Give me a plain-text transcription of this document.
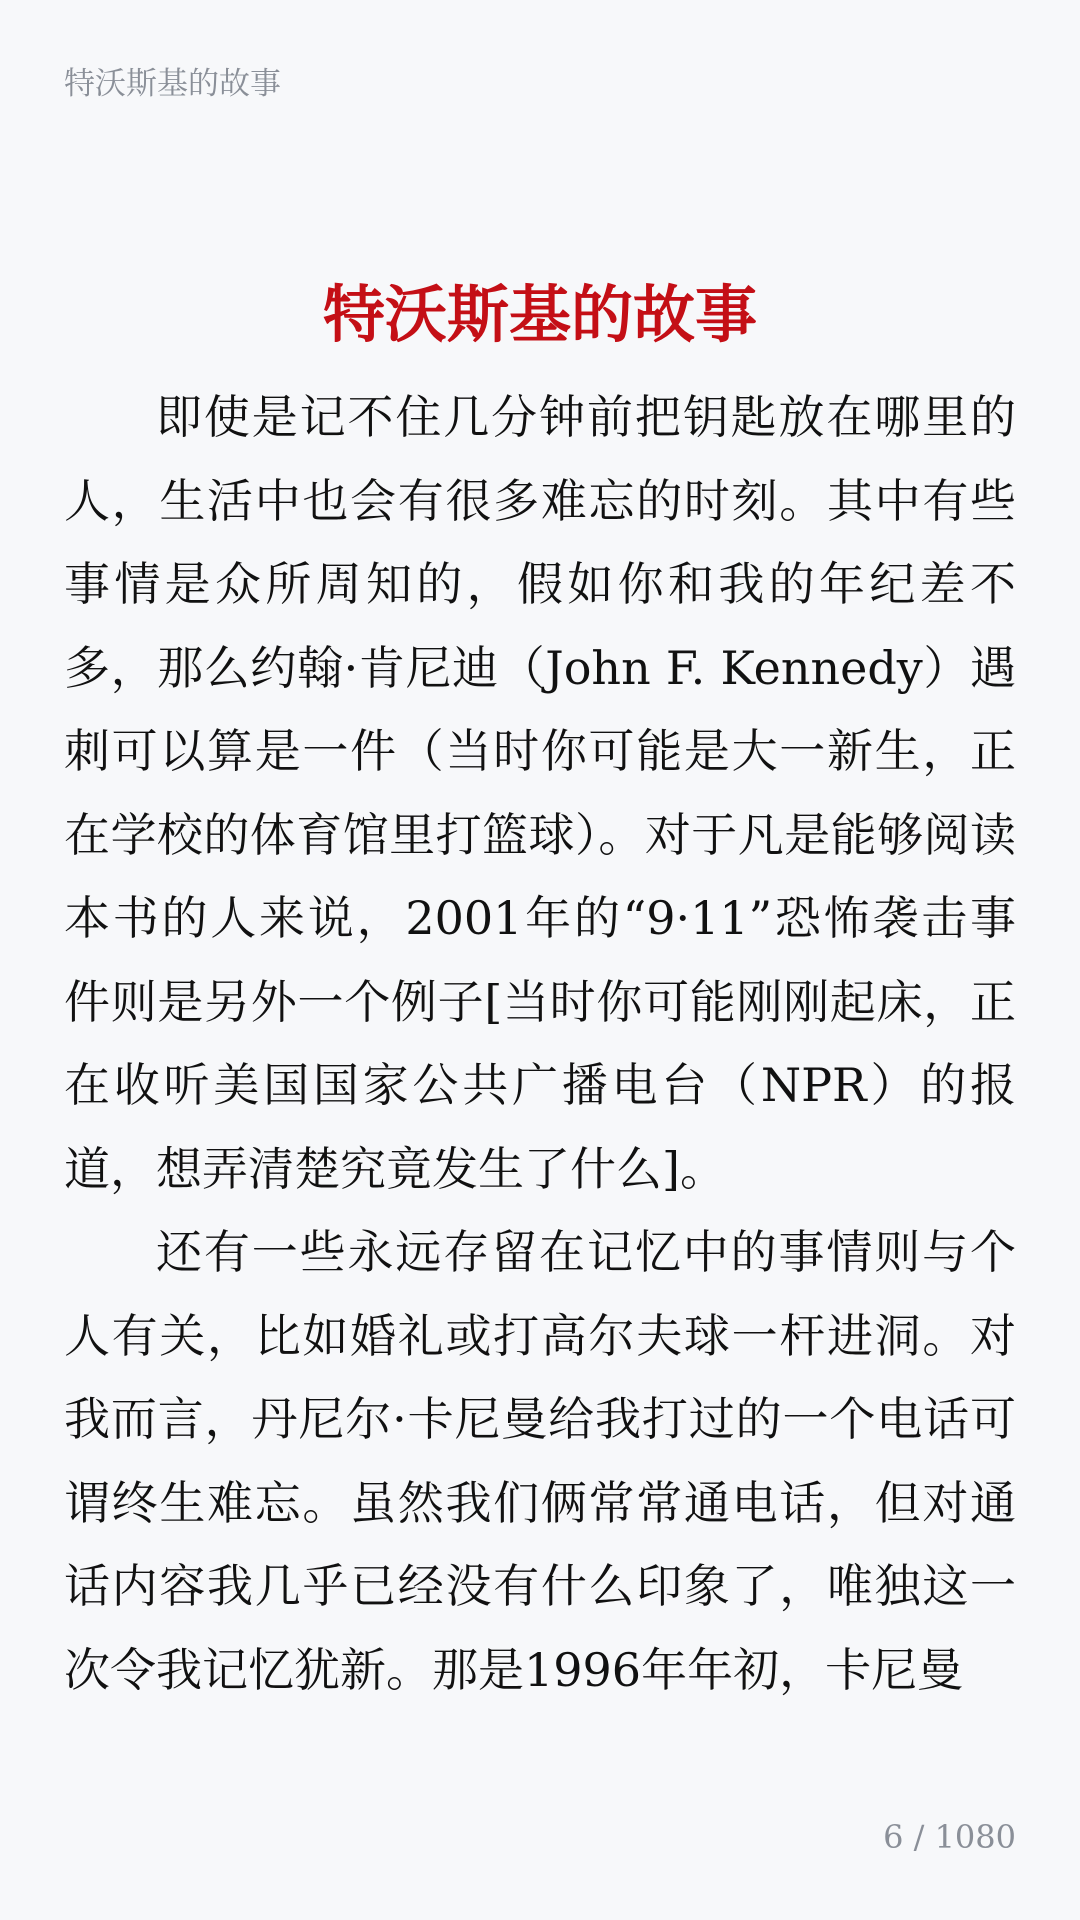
特沃斯基的故事
特沃斯基的故事

即使是记不住几分钟前把钥匙放在哪里的人，生活中也会有很多难忘的时刻。其中有些事情是众所周知的，假如你和我的年纪差不多，那么约翰·肯尼迪（John F. Kennedy）遇刺可以算是一件（当时你可能是大一新生，正在学校的体育馆里打篮球）。对于凡是能够阅读本书的人来说，2001年的“9·11”恐怖袭击事件则是另外一个例子[当时你可能刚刚起床，正在收听美国国家公共广播电台（NPR）的报道，想弄清楚究竟发生了什么]。

还有一些永远存留在记忆中的事情则与个人有关，比如婚礼或打高尔夫球一杆进洞。对我而言，丹尼尔·卡尼曼给我打过的一个电话可谓终生难忘。虽然我们俩常常通电话，但对通话内容我几乎已经没有什么印象了，唯独这一次令我记忆犹新。那是1996年年初，卡尼曼

6 / 1080
